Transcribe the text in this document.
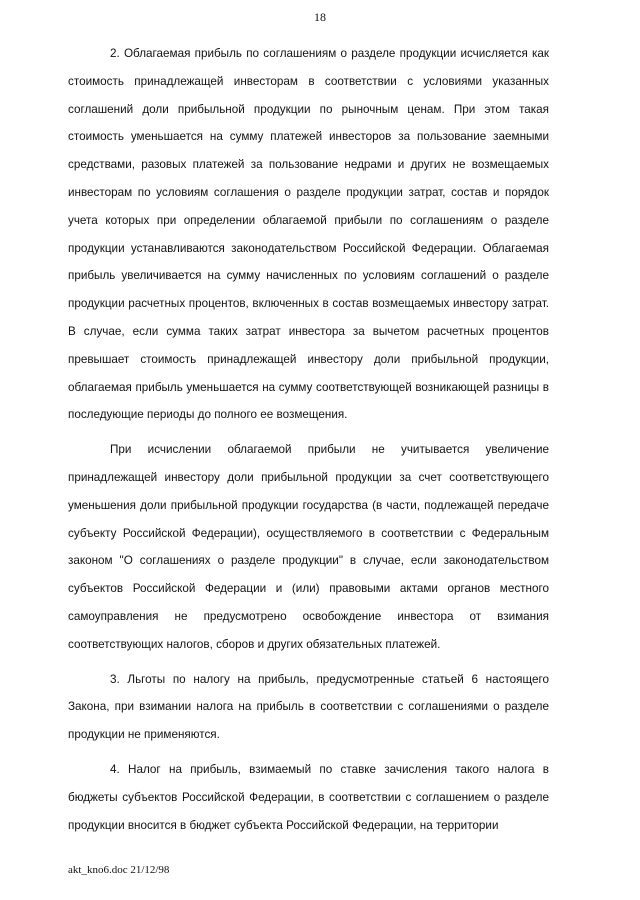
18

2. Облагаемая прибыль по соглашениям о разделе продукции исчисляется как стоимость принадлежащей инвесторам в соответствии с условиями указанных соглашений доли прибыльной продукции по рыночным ценам. При этом такая стоимость уменьшается на сумму платежей инвесторов за пользование заемными средствами, разовых платежей за пользование недрами и других не возмещаемых инвесторам по условиям соглашения о разделе продукции затрат, состав и порядок учета которых при определении облагаемой прибыли по соглашениям о разделе продукции устанавливаются законодательством Российской Федерации. Облагаемая прибыль увеличивается на сумму начисленных по условиям соглашений о разделе продукции расчетных процентов, включенных в состав возмещаемых инвестору затрат. В случае, если сумма таких затрат инвестора за вычетом расчетных процентов превышает стоимость принадлежащей инвестору доли прибыльной продукции, облагаемая прибыль уменьшается на сумму соответствующей возникающей разницы в последующие периоды до полного ее возмещения.

При исчислении облагаемой прибыли не учитывается увеличение принадлежащей инвестору доли прибыльной продукции за счет соответствующего уменьшения доли прибыльной продукции государства (в части, подлежащей передаче субъекту Российской Федерации), осуществляемого в соответствии с Федеральным законом "О соглашениях о разделе продукции" в случае, если законодательством субъектов Российской Федерации и (или) правовыми актами органов местного самоуправления не предусмотрено освобождение инвестора от взимания соответствующих налогов, сборов и других обязательных платежей.

3. Льготы по налогу на прибыль, предусмотренные статьей 6 настоящего Закона, при взимании налога на прибыль в соответствии с соглашениями о разделе продукции не применяются.

4. Налог на прибыль, взимаемый по ставке зачисления такого налога в бюджеты субъектов Российской Федерации, в соответствии с соглашением о разделе продукции вносится в бюджет субъекта Российской Федерации, на территории

akt_kno6.doc 21/12/98
